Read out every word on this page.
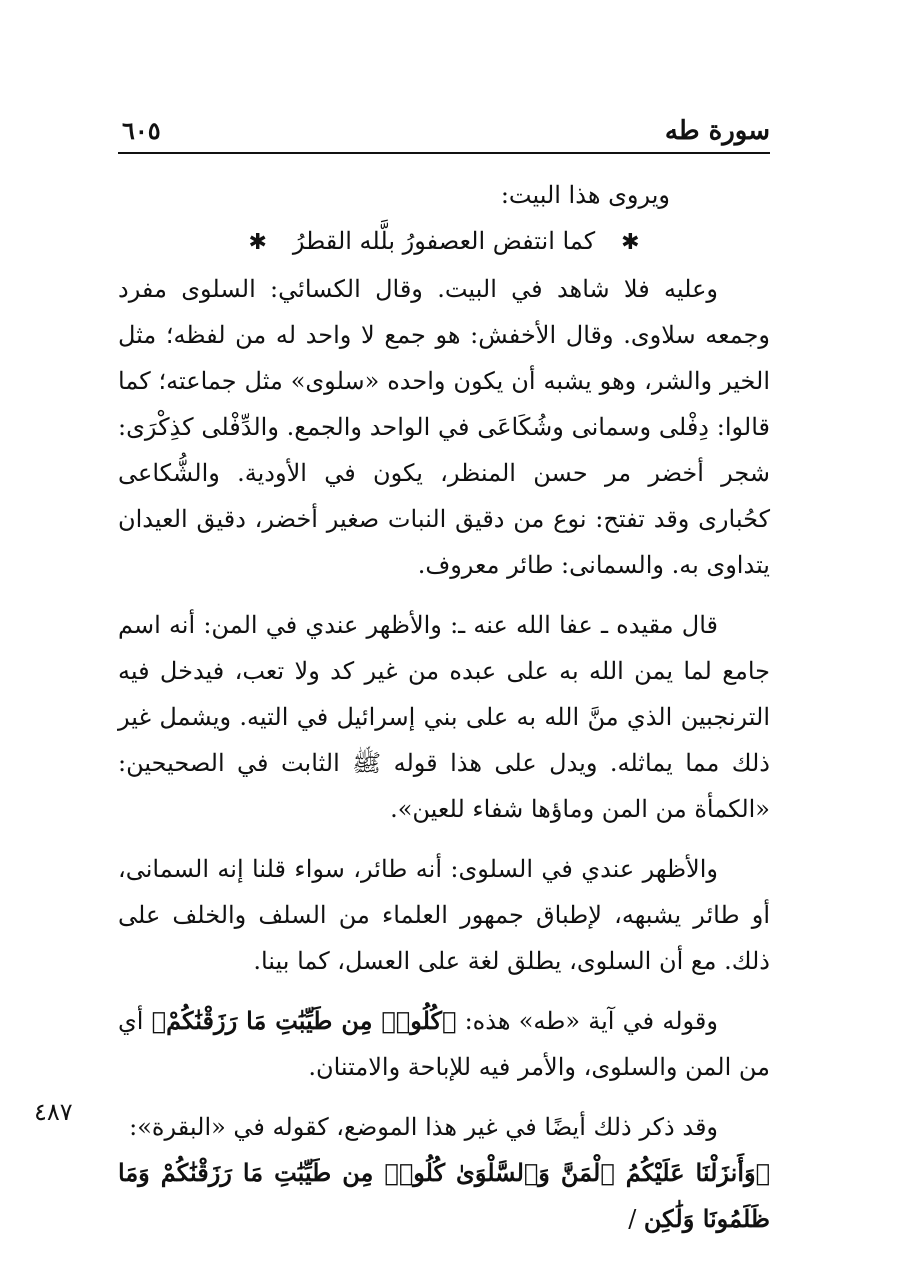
سورة طه
٦٠٥

ويروى هذا البيت:

✱كما انتفض العصفورُ بلَّله القطرُ✱

وعليه فلا شاهد في البيت. وقال الكسائي: السلوى مفرد وجمعه سلاوى. وقال الأخفش: هو جمع لا واحد له من لفظه؛ مثل الخير والشر، وهو يشبه أن يكون واحده «سلوى» مثل جماعته؛ كما قالوا: دِفْلى وسمانى وشُكَاعَى في الواحد والجمع. والدِّفْلى كذِكْرَى: شجر أخضر مر حسن المنظر، يكون في الأودية. والشُّكاعى كحُبارى وقد تفتح: نوع من دقيق النبات صغير أخضر، دقيق العيدان يتداوى به. والسمانى: طائر معروف.

قال مقيده ـ عفا الله عنه ـ: والأظهر عندي في المن: أنه اسم جامع لما يمن الله به على عبده من غير كد ولا تعب، فيدخل فيه الترنجبين الذي منَّ الله به على بني إسرائيل في التيه. ويشمل غير ذلك مما يماثله. ويدل على هذا قوله ﷺ الثابت في الصحيحين: «الكمأة من المن وماؤها شفاء للعين».

والأظهر عندي في السلوى: أنه طائر، سواء قلنا إنه السمانى، أو طائر يشبهه، لإطباق جمهور العلماء من السلف والخلف على ذلك. مع أن السلوى، يطلق لغة على العسل، كما بينا.

وقوله في آية «طه» هذه: ﴿كُلُوا۟ مِن طَيِّبَٰتِ مَا رَزَقْنَٰكُمْ﴾ أي من المن والسلوى، والأمر فيه للإباحة والامتنان.

وقد ذكر ذلك أيضًا في غير هذا الموضع، كقوله في «البقرة»:
﴿وَأَنزَلْنَا عَلَيْكُمُ ٱلْمَنَّ وَٱلسَّلْوَىٰ كُلُوا۟ مِن طَيِّبَٰتِ مَا رَزَقْنَٰكُمْ وَمَا ظَلَمُونَا وَلَٰكِن /

٤٨٧
